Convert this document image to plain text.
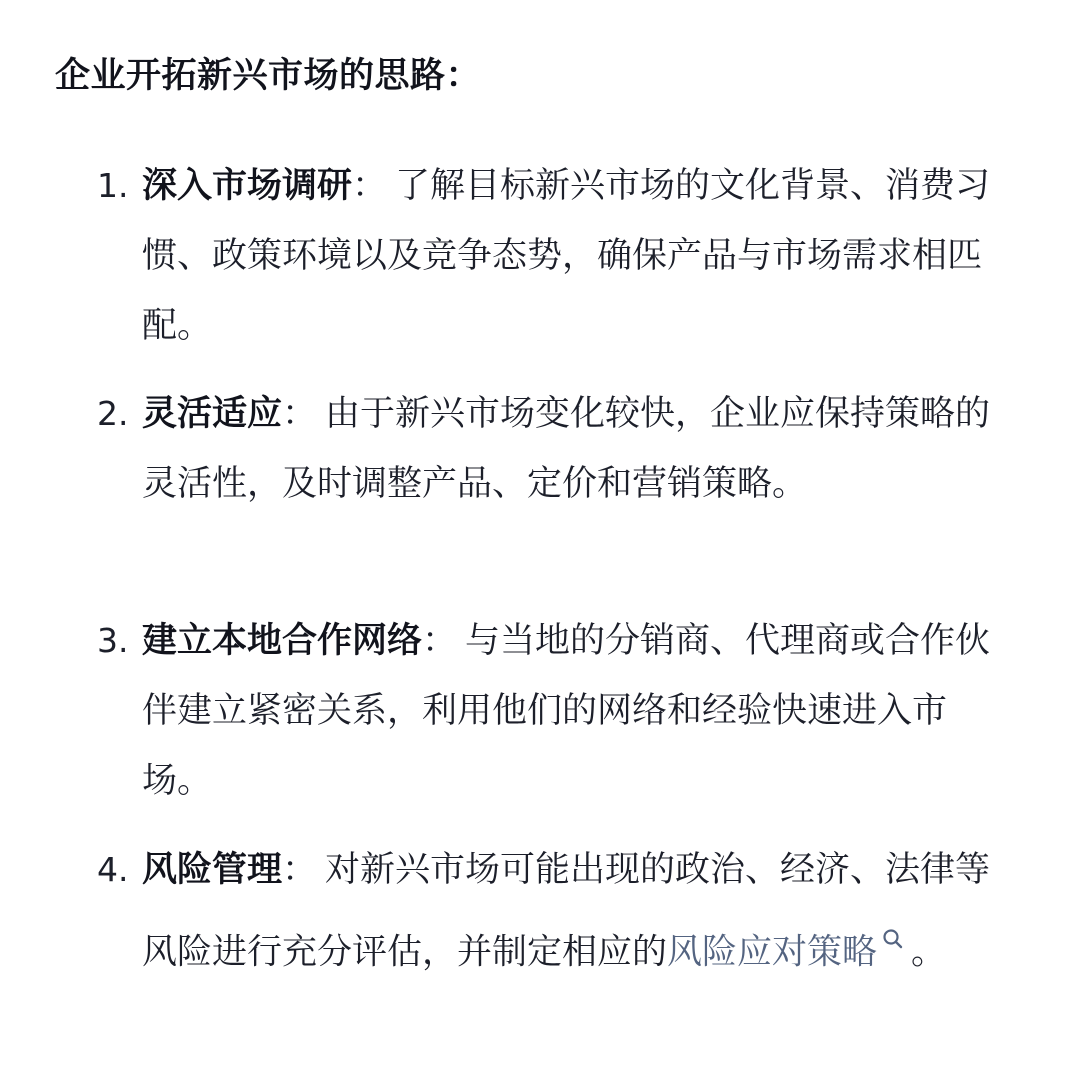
企业开拓新兴市场的思路：
1. 深入市场调研： 了解目标新兴市场的文化背景、消费习惯、政策环境以及竞争态势，确保产品与市场需求相匹配。
2. 灵活适应： 由于新兴市场变化较快，企业应保持策略的灵活性，及时调整产品、定价和营销策略。
3. 建立本地合作网络： 与当地的分销商、代理商或合作伙伴建立紧密关系，利用他们的网络和经验快速进入市场。
4. 风险管理： 对新兴市场可能出现的政治、经济、法律等风险进行充分评估，并制定相应的风险应对策略 。
